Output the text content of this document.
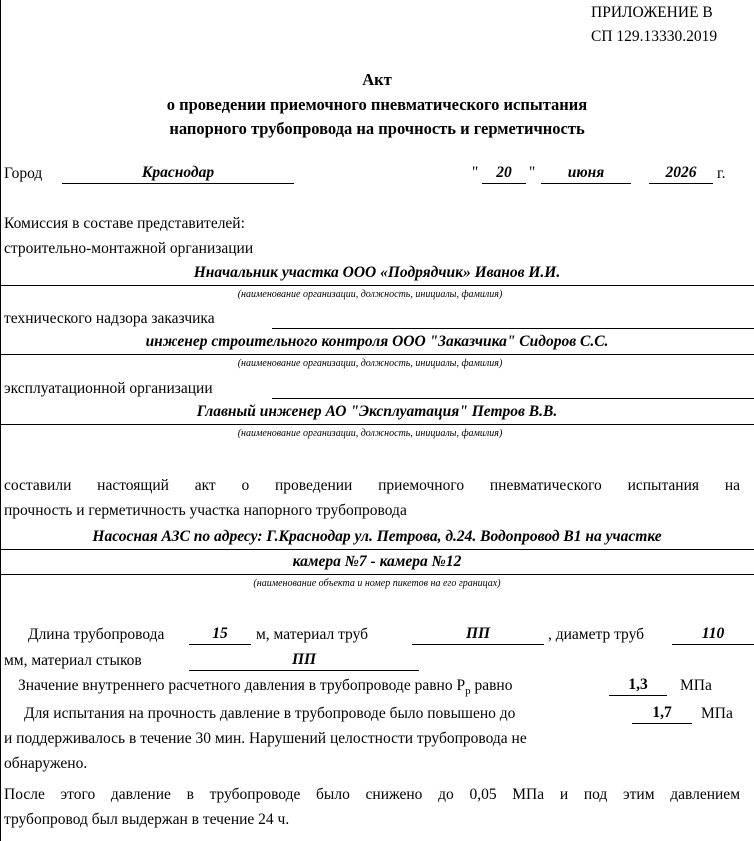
ПРИЛОЖЕНИЕ В
СП 129.13330.2019
Акт
о проведении приемочного пневматического испытания
напорного трубопровода на прочность и герметичность
Город	Краснодар	"	20	"	июня	2026	г.
Комиссия в составе представителей:
строительно-монтажной организации
Нначальник участка ООО «Подрядчик» Иванов И.И.
(наименование организации, должность, инициалы, фамилия)
технического надзора заказчика
инженер строительного контроля ООО "Заказчика" Сидоров С.С.
(наименование организации, должность, инициалы, фамилия)
эксплуатационной организации
Главный инженер АО "Эксплуатация" Петров В.В.
(наименование организации, должность, инициалы, фамилия)
составили настоящий акт о проведении приемочного пневматического испытания на
прочность и герметичность участка напорного трубопровода
Насосная АЗС по адресу: Г.Краснодар ул. Петрова, д.24. Водопровод В1 на участке
камера №7 - камера №12
(наименование объекта и номер пикетов на его границах)
Длина трубопровода	15	м, материал труб	ПП	, диаметр труб	110
мм, материал стыков	ПП
Значение внутреннего расчетного давления в трубопроводе равно $P_р$ равно	1,3	МПа
Для испытания на прочность давление в трубопроводе было повышено до	1,7	МПа
и поддерживалось в течение 30 мин. Нарушений целостности трубопровода не
обнаружено.
После этого давление в трубопроводе было снижено до 0,05 МПа и под этим давлением
трубопровод был выдержан в течение 24 ч.
